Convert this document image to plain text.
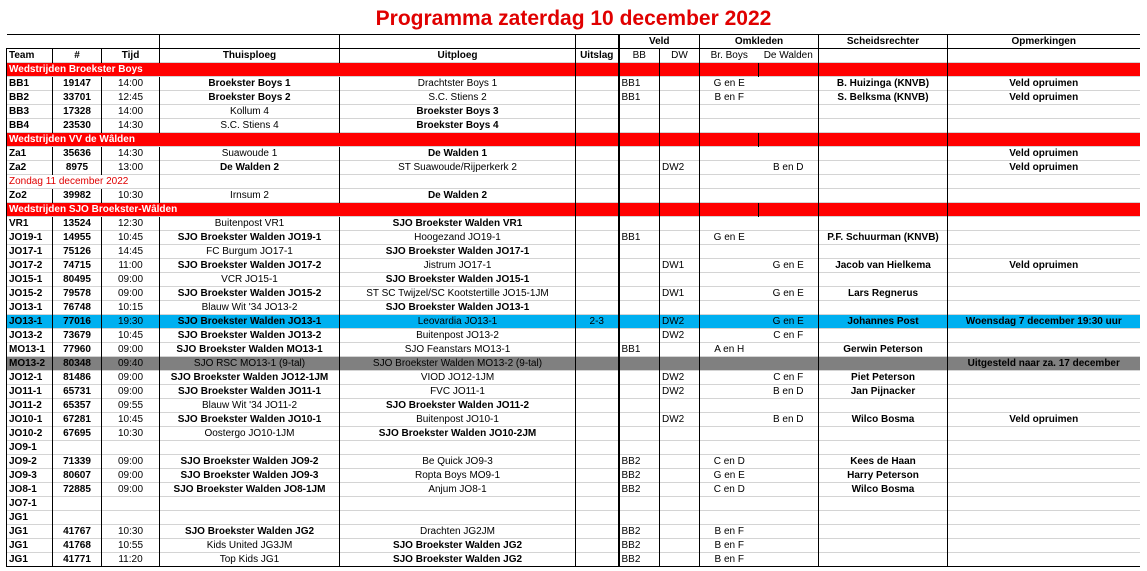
Programma zaterdag 10 december 2022
						Veld		Omkleden		Scheidsrechter	Opmerkingen
Team	#	Tijd	Thuisploeg	Uitploeg	Uitslag	BB	DW	Br. Boys	De Walden		
Wedstrijden Broekster Boys											
BB1	19147	14:00	Broekster Boys 1	Drachtster Boys 1		BB1		G en E		B. Huizinga (KNVB)	Veld opruimen
BB2	33701	12:45	Broekster Boys 2	S.C. Stiens 2		BB1		B en F		S. Belksma (KNVB)	Veld opruimen
BB3	17328	14:00	Kollum 4	Broekster Boys 3							
BB4	23530	14:30	S.C. Stiens 4	Broekster Boys 4							
Wedstrijden VV de Wâlden											
Za1	35636	14:30	Suawoude 1	De Walden 1							Veld opruimen
Za2	8975	13:00	De Walden 2	ST Suawoude/Rijperkerk 2			DW2		B en D		Veld opruimen
Zondag 11 december 2022											
Zo2	39982	10:30	Irnsum 2	De Walden 2							
Wedstrijden SJO Broekster-Wâlden											
VR1	13524	12:30	Buitenpost VR1	SJO Broekster Walden VR1							
JO19-1	14955	10:45	SJO Broekster Walden JO19-1	Hoogezand JO19-1		BB1		G en E		P.F. Schuurman (KNVB)	
JO17-1	75126	14:45	FC Burgum JO17-1	SJO Broekster Walden JO17-1							
JO17-2	74715	11:00	SJO Broekster Walden JO17-2	Jistrum JO17-1			DW1		G en E	Jacob van Hielkema	Veld opruimen
JO15-1	80495	09:00	VCR JO15-1	SJO Broekster Walden JO15-1							
JO15-2	79578	09:00	SJO Broekster Walden JO15-2	ST SC Twijzel/SC Kootstertille JO15-1JM			DW1		G en E	Lars Regnerus	
JO13-1	76748	10:15	Blauw Wit '34 JO13-2	SJO Broekster Walden JO13-1							
JO13-1	77016	19:30	SJO Broekster Walden JO13-1	Leovardia JO13-1	2-3		DW2		G en E	Johannes Post	Woensdag 7 december 19:30 uur
JO13-2	73679	10:45	SJO Broekster Walden JO13-2	Buitenpost JO13-2			DW2		C en F		
MO13-1	77960	09:00	SJO Broekster Walden MO13-1	SJO Feanstars MO13-1		BB1		A en H		Gerwin Peterson	
MO13-2	80348	09:40	SJO RSC MO13-1 (9-tal)	SJO Broekster Walden MO13-2 (9-tal)							Uitgesteld naar za. 17 december
JO12-1	81486	09:00	SJO Broekster Walden JO12-1JM	VIOD JO12-1JM			DW2		C en F	Piet Peterson	
JO11-1	65731	09:00	SJO Broekster Walden JO11-1	FVC JO11-1			DW2		B en D	Jan Pijnacker	
JO11-2	65357	09:55	Blauw Wit '34 JO11-2	SJO Broekster Walden JO11-2							
JO10-1	67281	10:45	SJO Broekster Walden JO10-1	Buitenpost JO10-1			DW2		B en D	Wilco Bosma	Veld opruimen
JO10-2	67695	10:30	Oostergo JO10-1JM	SJO Broekster Walden JO10-2JM							
JO9-1											
JO9-2	71339	09:00	SJO Broekster Walden JO9-2	Be Quick JO9-3		BB2		C en D		Kees de Haan	
JO9-3	80607	09:00	SJO Broekster Walden JO9-3	Ropta Boys MO9-1		BB2		G en E		Harry Peterson	
JO8-1	72885	09:00	SJO Broekster Walden JO8-1JM	Anjum JO8-1		BB2		C en D		Wilco Bosma	
JO7-1											
JG1											
JG1	41767	10:30	SJO Broekster Walden JG2	Drachten JG2JM		BB2		B en F			
JG1	41768	10:55	Kids United JG3JM	SJO Broekster Walden JG2		BB2		B en F			
JG1	41771	11:20	Top Kids JG1	SJO Broekster Walden JG2		BB2		B en F			
